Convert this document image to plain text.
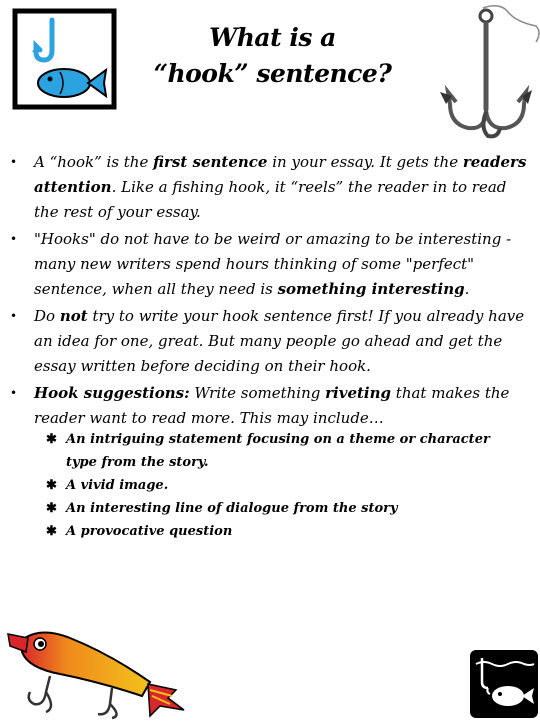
What is a
“hook” sentence?
• A “hook” is the first sentence in your essay. It gets the readers attention. Like a fishing hook, it “reels” the reader in to read the rest of your essay.

• "Hooks" do not have to be weird or amazing to be interesting - many new writers spend hours thinking of some "perfect" sentence, when all they need is something interesting.

• Do not try to write your hook sentence first! If you already have an idea for one, great. But many people go ahead and get the essay written before deciding on their hook.

• Hook suggestions: Write something riveting that makes the reader want to read more. This may include…

✱ An intriguing statement focusing on a theme or character type from the story.
✱ A vivid image.
✱ An interesting line of dialogue from the story
✱ A provocative question
